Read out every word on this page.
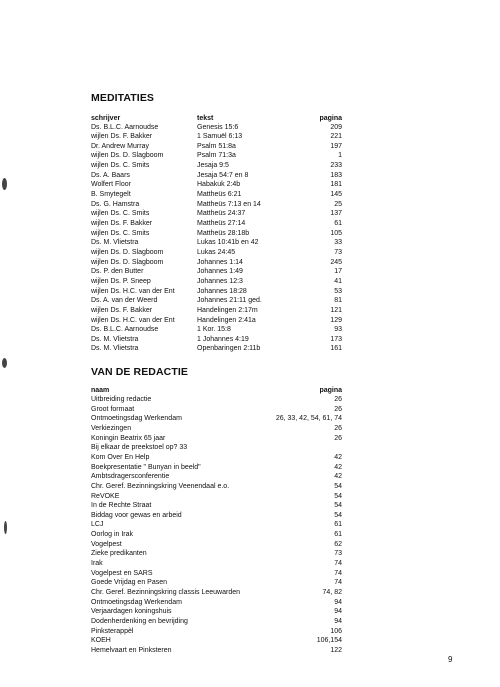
MEDITATIES
schrijver	tekst	pagina
Ds. B.L.C. Aarnoudse	Genesis 15:6	209
wijlen Ds. F. Bakker	1 Samuël 6:13	221
Dr. Andrew Murray	Psalm 51:8a	197
wijlen Ds. D. Slagboom	Psalm 71:3a	1
wijlen Ds. C. Smits	Jesaja 9:5	233
Ds. A. Baars	Jesaja 54:7 en 8	183
Wolfert Floor	Habakuk 2:4b	181
B. Smytegelt	Mattheüs 6:21	145
Ds. G. Hamstra	Mattheüs 7:13 en 14	25
wijlen Ds. C. Smits	Mattheüs 24:37	137
wijlen Ds. F. Bakker	Mattheüs 27:14	61
wijlen Ds. C. Smits	Mattheüs 28:18b	105
Ds. M. Vlietstra	Lukas 10:41b en 42	33
wijlen Ds. D. Slagboom	Lukas 24:45	73
wijlen Ds. D. Slagboom	Johannes 1:14	245
Ds. P. den Butter	Johannes 1:49	17
wijlen Ds. P. Sneep	Johannes 12:3	41
wijlen Ds. H.C. van der Ent	Johannes 18:28	53
Ds. A. van der Weerd	Johannes 21:11 ged.	81
wijlen Ds. F. Bakker	Handelingen 2:17m	121
wijlen Ds. H.C. van der Ent	Handelingen 2:41a	129
Ds. B.L.C. Aarnoudse	1 Kor. 15:8	93
Ds. M. Vlietstra	1 Johannes 4:19	173
Ds. M. Vlietstra	Openbaringen 2:11b	161
VAN DE REDACTIE
naam	pagina
Uitbreiding redactie	26
Groot formaat	26
Ontmoetingsdag Werkendam	26, 33, 42, 54, 61, 74
Verkiezingen	26
Koningin Beatrix 65 jaar	26
Bij elkaar de preekstoel op? 33
Kom Over En Help	42
Boekpresentatie " Bunyan in beeld"	42
Ambtsdragersconferentie	42
Chr. Geref. Bezinningskring Veenendaal e.o.	54
ReVOKE	54
In de Rechte Straat	54
Biddag voor gewas en arbeid	54
LCJ	61
Oorlog in Irak	61
Vogelpest	62
Zieke predikanten	73
Irak	74
Vogelpest en SARS	74
Goede Vrijdag en Pasen	74
Chr. Geref. Bezinningskring classis Leeuwarden	74, 82
Ontmoetingsdag Werkendam	94
Verjaardagen koningshuis	94
Dodenherdenking en bevrijding	94
Pinksterappèl	106
KOEH	106,154
Hemelvaart en Pinksteren	122
9
